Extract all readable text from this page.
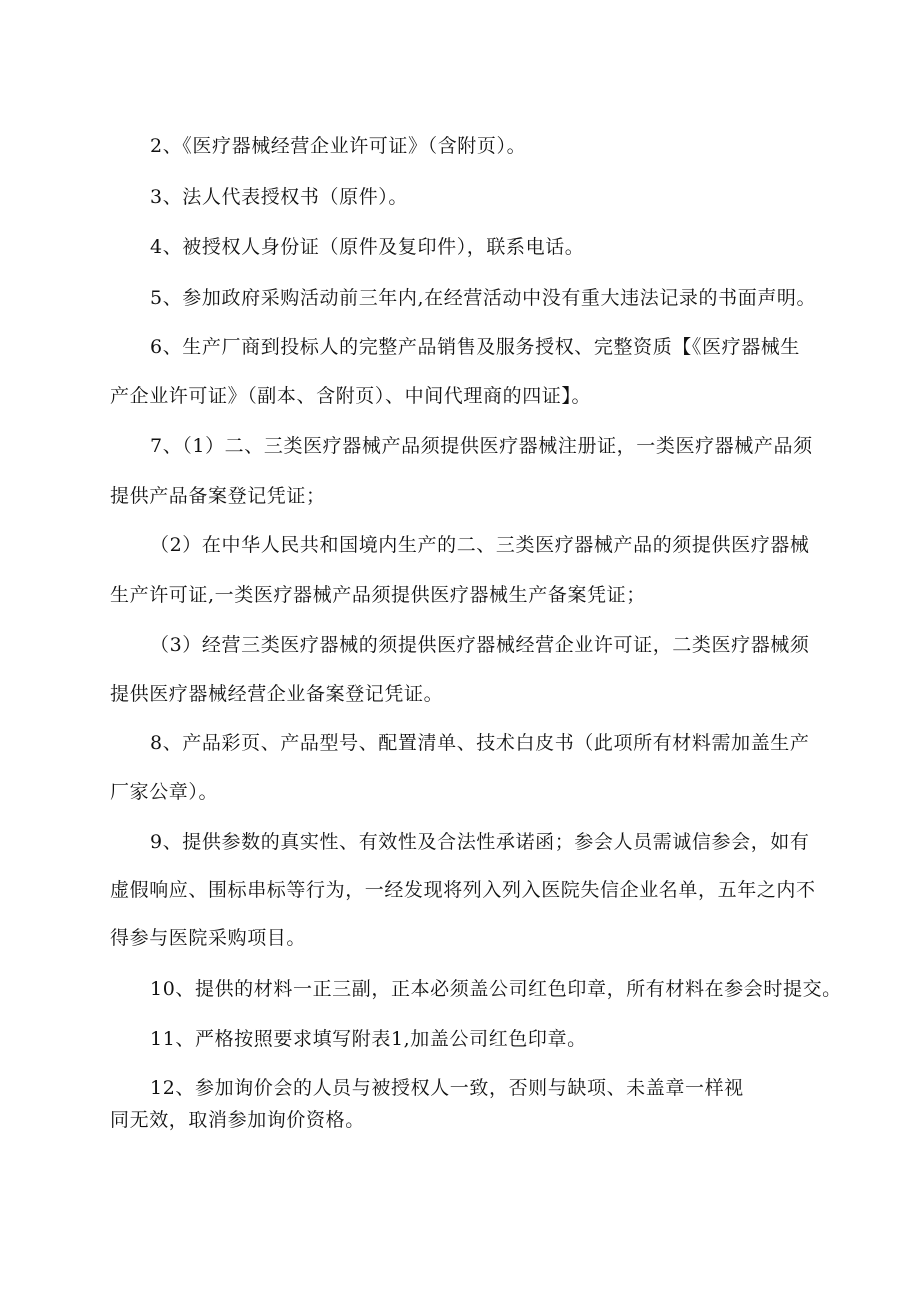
2、《医疗器械经营企业许可证》（含附页）。
3、法人代表授权书（原件）。
4、被授权人身份证（原件及复印件），联系电话。
5、参加政府采购活动前三年内,在经营活动中没有重大违法记录的书面声明。
6、生产厂商到投标人的完整产品销售及服务授权、完整资质【《医疗器械生
产企业许可证》（副本、含附页）、中间代理商的四证】。
7、（1）二、三类医疗器械产品须提供医疗器械注册证，一类医疗器械产品须
提供产品备案登记凭证；
（2）在中华人民共和国境内生产的二、三类医疗器械产品的须提供医疗器械
生产许可证,一类医疗器械产品须提供医疗器械生产备案凭证；
（3）经营三类医疗器械的须提供医疗器械经营企业许可证，二类医疗器械须
提供医疗器械经营企业备案登记凭证。
8、产品彩页、产品型号、配置清单、技术白皮书（此项所有材料需加盖生产
厂家公章）。
9、提供参数的真实性、有效性及合法性承诺函；参会人员需诚信参会，如有
虚假响应、围标串标等行为，一经发现将列入列入医院失信企业名单，五年之内不
得参与医院采购项目。
10、提供的材料一正三副，正本必须盖公司红色印章，所有材料在参会时提交。
11、严格按照要求填写附表1,加盖公司红色印章。
12、参加询价会的人员与被授权人一致，否则与缺项、未盖章一样视
同无效，取消参加询价资格。
